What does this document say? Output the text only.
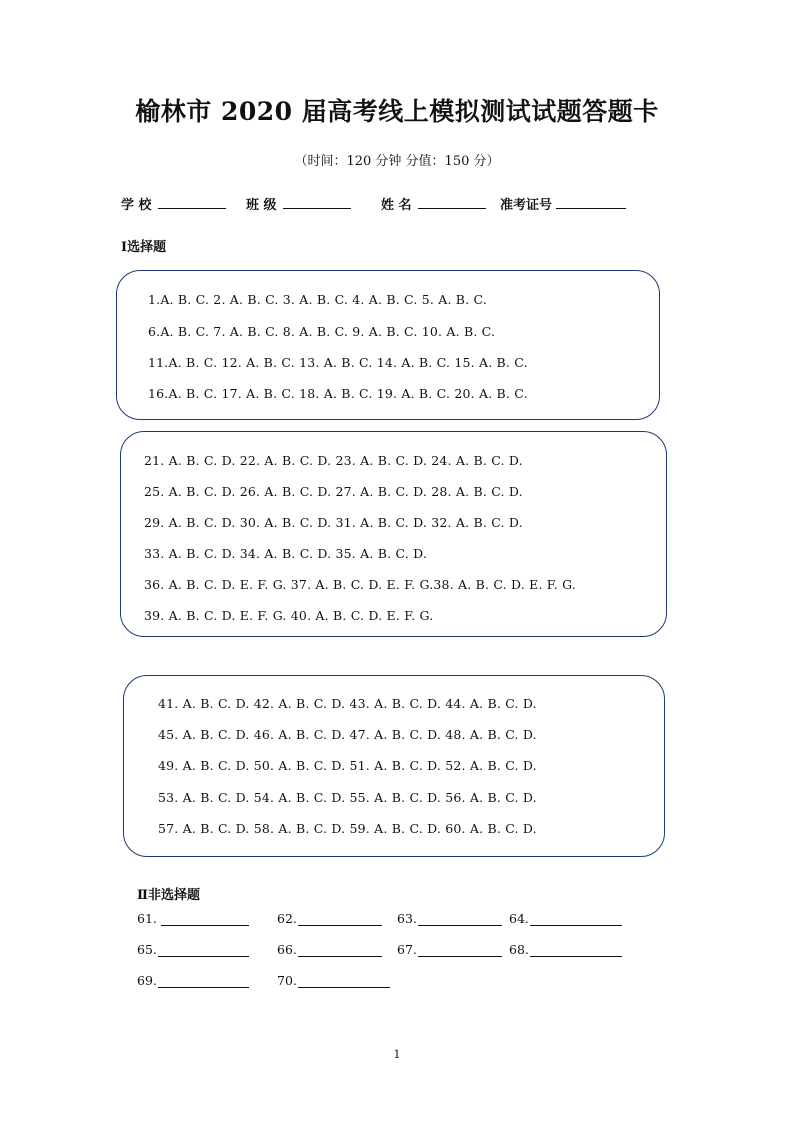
榆林市 2020 届高考线上模拟测试试题答题卡
（时间：120 分钟 分值：150 分）
学 校	班 级	姓 名	准考证号
Ⅰ选择题
1.A. B. C. 2. A. B. C. 3. A. B. C. 4. A. B. C. 5. A. B. C.
6.A. B. C. 7. A. B. C. 8. A. B. C. 9. A. B. C. 10. A. B. C.
11.A. B. C. 12. A. B. C. 13. A. B. C. 14. A. B. C. 15. A. B. C.
16.A. B. C. 17. A. B. C. 18. A. B. C. 19. A. B. C. 20. A. B. C.
21. A. B. C. D. 22. A. B. C. D. 23. A. B. C. D. 24. A. B. C. D.
25. A. B. C. D. 26. A. B. C. D. 27. A. B. C. D. 28. A. B. C. D.
29. A. B. C. D. 30. A. B. C. D. 31. A. B. C. D. 32. A. B. C. D.
33. A. B. C. D. 34. A. B. C. D. 35. A. B. C. D.
36. A. B. C. D. E. F. G. 37. A. B. C. D. E. F. G.38. A. B. C. D. E. F. G.
39. A. B. C. D. E. F. G. 40. A. B. C. D. E. F. G.
41. A. B. C. D. 42. A. B. C. D. 43. A. B. C. D. 44. A. B. C. D.
45. A. B. C. D. 46. A. B. C. D. 47. A. B. C. D. 48. A. B. C. D.
49. A. B. C. D. 50. A. B. C. D. 51. A. B. C. D. 52. A. B. C. D.
53. A. B. C. D. 54. A. B. C. D. 55. A. B. C. D. 56. A. B. C. D.
57. A. B. C. D. 58. A. B. C. D. 59. A. B. C. D. 60. A. B. C. D.
Ⅱ非选择题
61.	62.	63.	64.
65.	66.	67.	68.
69.	70.
1
